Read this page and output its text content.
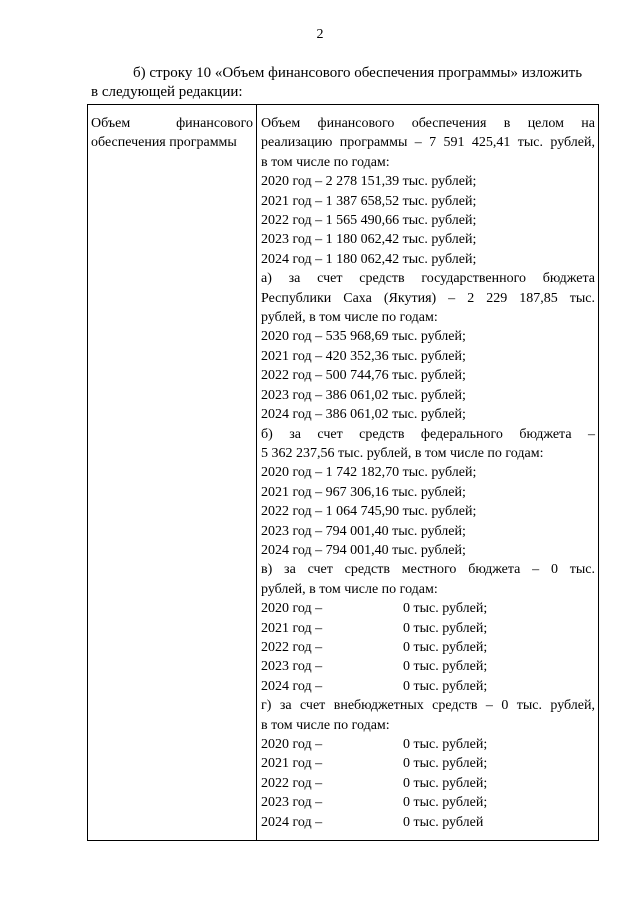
2
б) строку 10 «Объем финансового обеспечения программы» изложить
в следующей редакции:
Объем финансового
обеспечения программы

Объем финансового обеспечения в целом на
реализацию программы – 7 591 425,41 тыс. рублей,
в том числе по годам:
2020 год – 2 278 151,39 тыс. рублей;
2021 год – 1 387 658,52 тыс. рублей;
2022 год – 1 565 490,66 тыс. рублей;
2023 год – 1 180 062,42 тыс. рублей;
2024 год – 1 180 062,42 тыс. рублей;
а) за счет средств государственного бюджета
Республики Саха (Якутия) – 2 229 187,85 тыс.
рублей, в том числе по годам:
2020 год – 535 968,69 тыс. рублей;
2021 год – 420 352,36 тыс. рублей;
2022 год – 500 744,76 тыс. рублей;
2023 год – 386 061,02 тыс. рублей;
2024 год – 386 061,02 тыс. рублей;
б) за счет средств федерального бюджета –
5 362 237,56 тыс. рублей, в том числе по годам:
2020 год – 1 742 182,70 тыс. рублей;
2021 год – 967 306,16 тыс. рублей;
2022 год – 1 064 745,90 тыс. рублей;
2023 год – 794 001,40 тыс. рублей;
2024 год – 794 001,40 тыс. рублей;
в) за счет средств местного бюджета – 0 тыс.
рублей, в том числе по годам:
2020 год –	0 тыс. рублей;
2021 год –	0 тыс. рублей;
2022 год –	0 тыс. рублей;
2023 год –	0 тыс. рублей;
2024 год –	0 тыс. рублей;
г) за счет внебюджетных средств – 0 тыс. рублей,
в том числе по годам:
2020 год –	0 тыс. рублей;
2021 год –	0 тыс. рублей;
2022 год –	0 тыс. рублей;
2023 год –	0 тыс. рублей;
2024 год –	0 тыс. рублей
